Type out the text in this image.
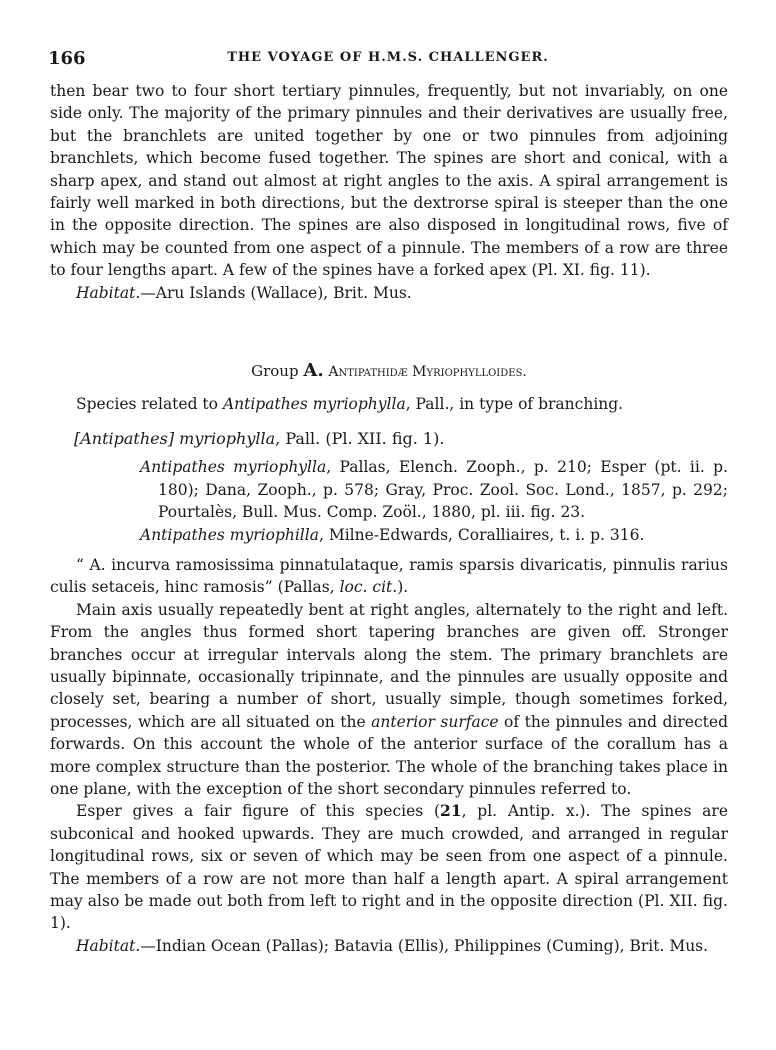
166	THE VOYAGE OF H.M.S. CHALLENGER.

then bear two to four short tertiary pinnules, frequently, but not invariably, on one side only. The majority of the primary pinnules and their derivatives are usually free, but the branchlets are united together by one or two pinnules from adjoining branchlets, which become fused together. The spines are short and conical, with a sharp apex, and stand out almost at right angles to the axis. A spiral arrangement is fairly well marked in both directions, but the dextrorse spiral is steeper than the one in the opposite direction. The spines are also disposed in longitudinal rows, five of which may be counted from one aspect of a pinnule. The members of a row are three to four lengths apart. A few of the spines have a forked apex (Pl. XI. fig. 11).

Habitat.—Aru Islands (Wallace), Brit. Mus.

Group A. Antipathidæ Myriophylloides.

Species related to Antipathes myriophylla, Pall., in type of branching.

[Antipathes] myriophylla, Pall. (Pl. XII. fig. 1).

Antipathes myriophylla, Pallas, Elench. Zooph., p. 210; Esper (pt. ii. p. 180); Dana, Zooph., p. 578; Gray, Proc. Zool. Soc. Lond., 1857, p. 292; Pourtalès, Bull. Mus. Comp. Zoöl., 1880, pl. iii. fig. 23.

Antipathes myriophilla, Milne-Edwards, Coralliaires, t. i. p. 316.

“ A. incurva ramosissima pinnatulataque, ramis sparsis divaricatis, pinnulis rarius culis setaceis, hinc ramosis” (Pallas, loc. cit.).

Main axis usually repeatedly bent at right angles, alternately to the right and left. From the angles thus formed short tapering branches are given off. Stronger branches occur at irregular intervals along the stem. The primary branchlets are usually bipinnate, occasionally tripinnate, and the pinnules are usually opposite and closely set, bearing a number of short, usually simple, though sometimes forked, processes, which are all situated on the anterior surface of the pinnules and directed forwards. On this account the whole of the anterior surface of the corallum has a more complex structure than the posterior. The whole of the branching takes place in one plane, with the exception of the short secondary pinnules referred to.

Esper gives a fair figure of this species (21, pl. Antip. x.). The spines are subconical and hooked upwards. They are much crowded, and arranged in regular longitudinal rows, six or seven of which may be seen from one aspect of a pinnule. The members of a row are not more than half a length apart. A spiral arrangement may also be made out both from left to right and in the opposite direction (Pl. XII. fig. 1).

Habitat.—Indian Ocean (Pallas); Batavia (Ellis), Philippines (Cuming), Brit. Mus.
